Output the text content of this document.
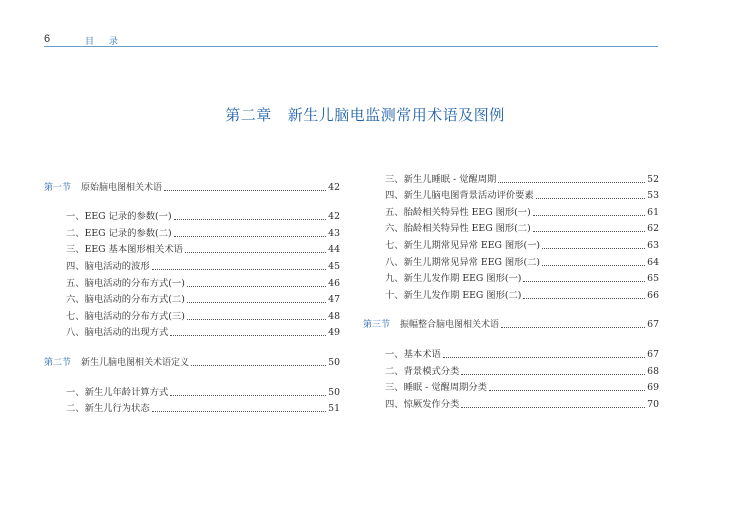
6	目 录
第二章 新生儿脑电监测常用术语及图例
第一节 原始脑电图相关术语	42
一、EEG 记录的参数(一)	42
二、EEG 记录的参数(二)	43
三、EEG 基本图形相关术语	44
四、脑电活动的波形	45
五、脑电活动的分布方式(一)	46
六、脑电活动的分布方式(二)	47
七、脑电活动的分布方式(三)	48
八、脑电活动的出现方式	49
第二节 新生儿脑电图相关术语定义	50
一、新生儿年龄计算方式	50
二、新生儿行为状态	51
三、新生儿睡眠 - 觉醒周期	52
四、新生儿脑电图背景活动评价要素	53
五、胎龄相关特异性 EEG 图形(一)	61
六、胎龄相关特异性 EEG 图形(二)	62
七、新生儿期常见异常 EEG 图形(一)	63
八、新生儿期常见异常 EEG 图形(二)	64
九、新生儿发作期 EEG 图形(一)	65
十、新生儿发作期 EEG 图形(二)	66
第三节 振幅整合脑电图相关术语	67
一、基本术语	67
二、背景模式分类	68
三、睡眠 - 觉醒周期分类	69
四、惊厥发作分类	70
